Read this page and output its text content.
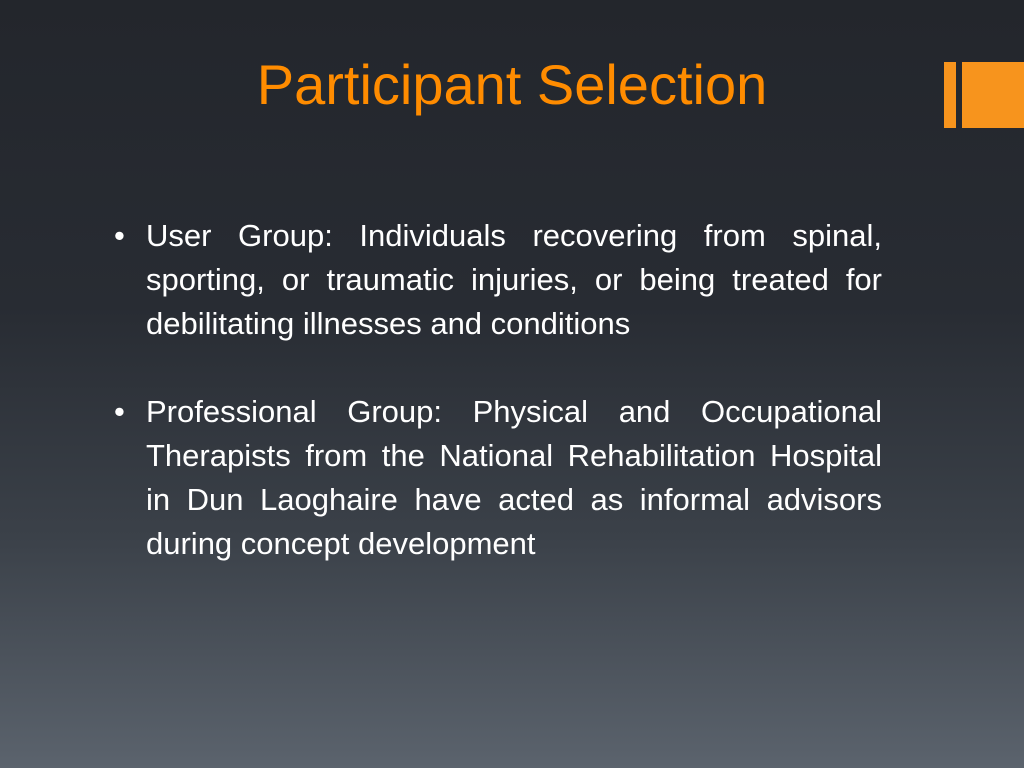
Participant Selection
• User Group: Individuals recovering from spinal, sporting, or traumatic injuries, or being treated for debilitating illnesses and conditions
• Professional Group: Physical and Occupational Therapists from the National Rehabilitation Hospital in Dun Laoghaire have acted as informal advisors during concept development
